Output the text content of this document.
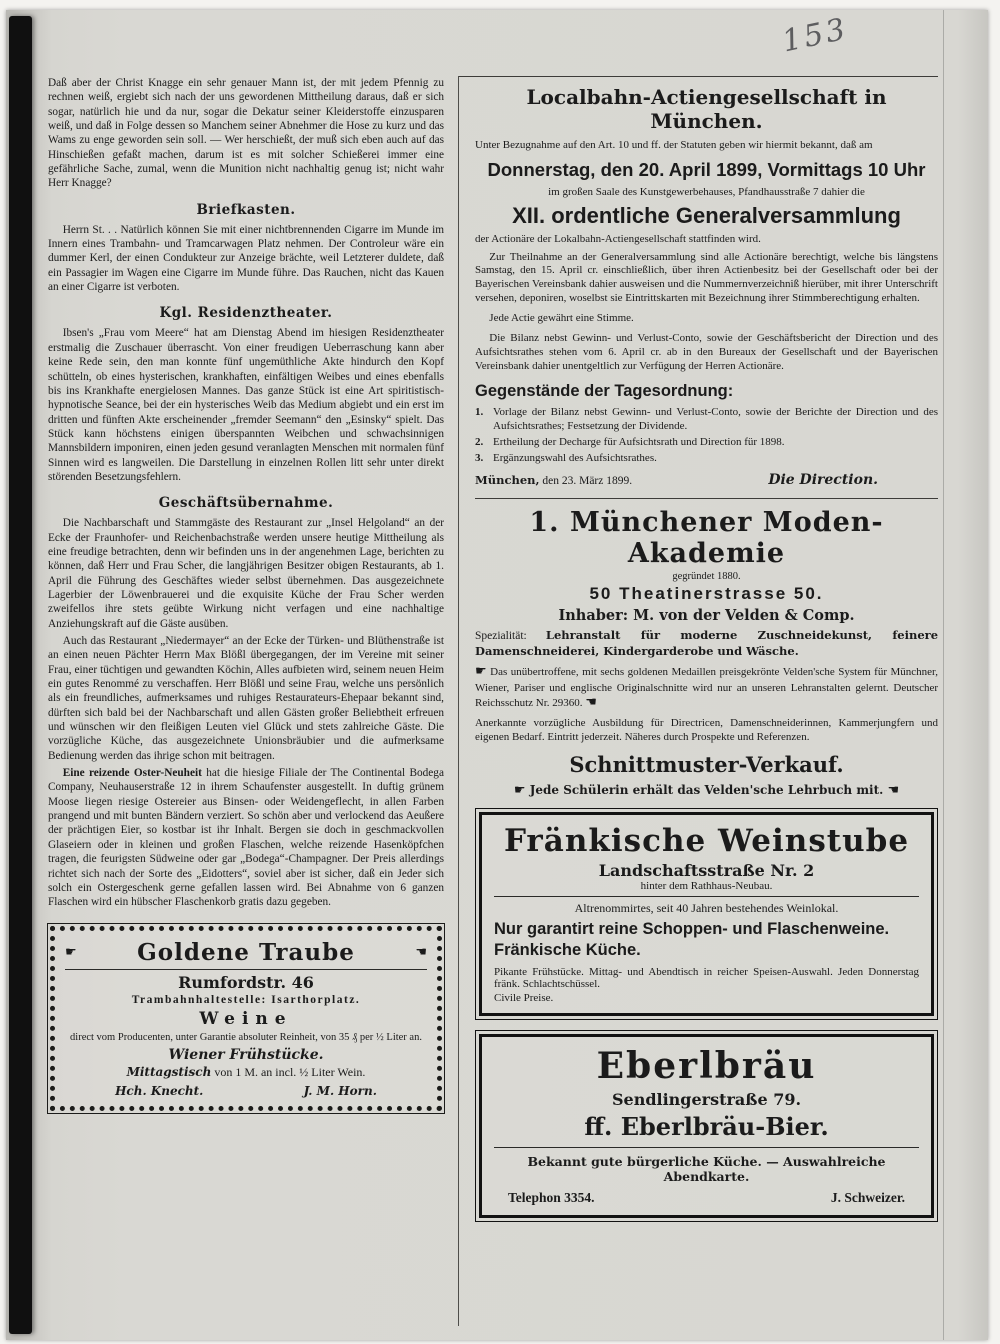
153

Daß aber der Christ Knagge ein sehr genauer Mann ist, der mit jedem Pfennig zu rechnen weiß, ergiebt sich nach der uns gewordenen Mittheilung daraus, daß er sich sogar, natürlich hie und da nur, sogar die Dekatur seiner Kleiderstoffe einzusparen weiß, und daß in Folge dessen so Manchem seiner Abnehmer die Hose zu kurz und das Wams zu enge geworden sein soll. — Wer herschießt, der muß sich eben auch auf das Hinschießen gefaßt machen, darum ist es mit solcher Schießerei immer eine gefährliche Sache, zumal, wenn die Munition nicht nachhaltig genug ist; nicht wahr Herr Knagge?

Briefkasten.

Herrn St. . . Natürlich können Sie mit einer nichtbrennenden Cigarre im Munde im Innern eines Trambahn- und Tramcarwagen Platz nehmen. Der Controleur wäre ein dummer Kerl, der einen Condukteur zur Anzeige brächte, weil Letzterer duldete, daß ein Passagier im Wagen eine Cigarre im Munde führe. Das Rauchen, nicht das Kauen an einer Cigarre ist verboten.

Kgl. Residenztheater.

Ibsen's „Frau vom Meere“ hat am Dienstag Abend im hiesigen Residenztheater erstmalig die Zuschauer überrascht. Von einer freudigen Ueberraschung kann aber keine Rede sein, den man konnte fünf ungemüthliche Akte hindurch den Kopf schütteln, ob eines hysterischen, krankhaften, einfältigen Weibes und eines ebenfalls bis ins Krankhafte energielosen Mannes. Das ganze Stück ist eine Art spiritistisch-hypnotische Seance, bei der ein hysterisches Weib das Medium abgiebt und ein erst im dritten und fünften Akte erscheinender „fremder Seemann“ den „Esinsky“ spielt. Das Stück kann höchstens einigen überspannten Weibchen und schwachsinnigen Mannsbildern imponiren, einen jeden gesund veranlagten Menschen mit normalen fünf Sinnen wird es langweilen. Die Darstellung in einzelnen Rollen litt sehr unter direkt störenden Besetzungsfehlern.

Geschäftsübernahme.

Die Nachbarschaft und Stammgäste des Restaurant zur „Insel Helgoland“ an der Ecke der Fraunhofer- und Reichenbachstraße werden unsere heutige Mittheilung als eine freudige betrachten, denn wir befinden uns in der angenehmen Lage, berichten zu können, daß Herr und Frau Scher, die langjährigen Besitzer obigen Restaurants, ab 1. April die Führung des Geschäftes wieder selbst übernehmen. Das ausgezeichnete Lagerbier der Löwenbrauerei und die exquisite Küche der Frau Scher werden zweifellos ihre stets geübte Wirkung nicht verfagen und eine nachhaltige Anziehungskraft auf die Gäste ausüben.

Auch das Restaurant „Niedermayer“ an der Ecke der Türken- und Blüthenstraße ist an einen neuen Pächter Herrn Max Blößl übergegangen, der im Vereine mit seiner Frau, einer tüchtigen und gewandten Köchin, Alles aufbieten wird, seinem neuen Heim ein gutes Renommé zu verschaffen. Herr Blößl und seine Frau, welche uns persönlich als ein freundliches, aufmerksames und ruhiges Restaurateurs-Ehepaar bekannt sind, dürften sich bald bei der Nachbarschaft und allen Gästen großer Beliebtheit erfreuen und wünschen wir den fleißigen Leuten viel Glück und stets zahlreiche Gäste. Die vorzügliche Küche, das ausgezeichnete Unionsbräubier und die aufmerksame Bedienung werden das ihrige schon mit beitragen.

Eine reizende Oster-Neuheit hat die hiesige Filiale der The Continental Bodega Company, Neuhauserstraße 12 in ihrem Schaufenster ausgestellt. In duftig grünem Moose liegen riesige Ostereier aus Binsen- oder Weidengeflecht, in allen Farben prangend und mit bunten Bändern verziert. So schön aber und verlockend das Aeußere der prächtigen Eier, so kostbar ist ihr Inhalt. Bergen sie doch in geschmackvollen Glaseiern oder in kleinen und großen Flaschen, welche reizende Hasenköpfchen tragen, die feurigsten Südweine oder gar „Bodega“-Champagner. Der Preis allerdings richtet sich nach der Sorte des „Eidotters“, soviel aber ist sicher, daß ein Jeder sich solch ein Ostergeschenk gerne gefallen lassen wird. Bei Abnahme von 6 ganzen Flaschen wird ein hübscher Flaschenkorb gratis dazu gegeben.

☛	Goldene Traube	☚

Rumfordstr. 46

Trambahnhaltestelle: Isarthorplatz.

Weine

direct vom Producenten, unter Garantie absoluter Reinheit, von 35 ₰ per ½ Liter an.

Wiener Frühstücke.

Mittagstisch von 1 M. an incl. ½ Liter Wein.

Hch. Knecht.	J. M. Horn.
Localbahn-Actiengesellschaft in München.

Unter Bezugnahme auf den Art. 10 und ff. der Statuten geben wir hiermit bekannt, daß am

Donnerstag, den 20. April 1899, Vormittags 10 Uhr

im großen Saale des Kunstgewerbehauses, Pfandhausstraße 7 dahier die

XII. ordentliche Generalversammlung

der Actionäre der Lokalbahn-Actiengesellschaft stattfinden wird.

Zur Theilnahme an der Generalversammlung sind alle Actionäre berechtigt, welche bis längstens Samstag, den 15. April cr. einschließlich, über ihren Actienbesitz bei der Gesellschaft oder bei der Bayerischen Vereinsbank dahier ausweisen und die Nummernverzeichniß hierüber, mit ihrer Unterschrift versehen, deponiren, woselbst sie Eintrittskarten mit Bezeichnung ihrer Stimmberechtigung erhalten.

Jede Actie gewährt eine Stimme.

Die Bilanz nebst Gewinn- und Verlust-Conto, sowie der Geschäftsbericht der Direction und des Aufsichtsrathes stehen vom 6. April cr. ab in den Bureaux der Gesellschaft und der Bayerischen Vereinsbank dahier unentgeltlich zur Verfügung der Herren Actionäre.

Gegenstände der Tagesordnung:
1. Vorlage der Bilanz nebst Gewinn- und Verlust-Conto, sowie der Berichte der Direction und des Aufsichtsrathes; Festsetzung der Dividende.
2. Ertheilung der Decharge für Aufsichtsrath und Direction für 1898.
3. Ergänzungswahl des Aufsichtsrathes.
München, den 23. März 1899.	Die Direction.
1. Münchener Moden-Akademie

gegründet 1880.

50 Theatinerstrasse 50.

Inhaber: M. von der Velden & Comp.

Spezialität: Lehranstalt für moderne Zuschneidekunst, feinere Damenschneiderei, Kindergarderobe und Wäsche.

☛ Das unübertroffene, mit sechs goldenen Medaillen preisgekrönte Velden'sche System für Münchner, Wiener, Pariser und englische Originalschnitte wird nur an unseren Lehranstalten gelernt. Deutscher Reichsschutz Nr. 29360. ☚

Anerkannte vorzügliche Ausbildung für Directricen, Damenschneiderinnen, Kammerjungfern und eigenen Bedarf. Eintritt jederzeit. Näheres durch Prospekte und Referenzen.

Schnittmuster-Verkauf.

☛ Jede Schülerin erhält das Velden'sche Lehrbuch mit. ☚

Fränkische Weinstube

Landschaftsstraße Nr. 2

hinter dem Rathhaus-Neubau.

Altrenommirtes, seit 40 Jahren bestehendes Weinlokal.

Nur garantirt reine Schoppen- und Flaschenweine. Fränkische Küche.

Pikante Frühstücke. Mittag- und Abendtisch in reicher Speisen-Auswahl. Jeden Donnerstag fränk. Schlachtschüssel.

Civile Preise.

Eberlbräu

Sendlingerstraße 79.

ff. Eberlbräu-Bier.

Bekannt gute bürgerliche Küche. — Auswahlreiche Abendkarte.

Telephon 3354.	J. Schweizer.
